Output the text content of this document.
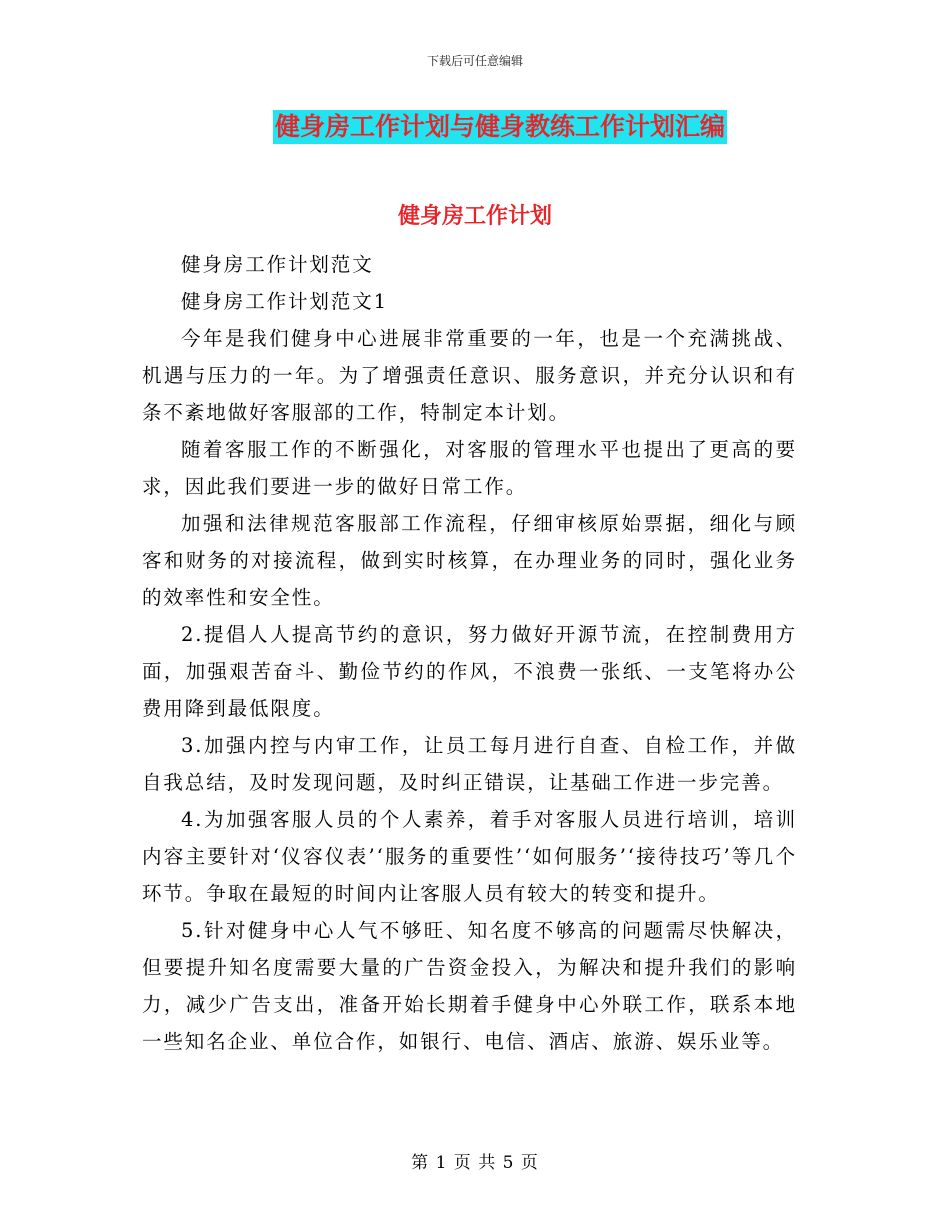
下载后可任意编辑
健身房工作计划与健身教练工作计划汇编
健身房工作计划

健身房工作计划范文

健身房工作计划范文1

今年是我们健身中心进展非常重要的一年，也是一个充满挑战、机遇与压力的一年。为了增强责任意识、服务意识，并充分认识和有条不紊地做好客服部的工作，特制定本计划。

随着客服工作的不断强化，对客服的管理水平也提出了更高的要求，因此我们要进一步的做好日常工作。

加强和法律规范客服部工作流程，仔细审核原始票据，细化与顾客和财务的对接流程，做到实时核算，在办理业务的同时，强化业务的效率性和安全性。

2.提倡人人提高节约的意识，努力做好开源节流，在控制费用方面，加强艰苦奋斗、勤俭节约的作风，不浪费一张纸、一支笔将办公费用降到最低限度。

3.加强内控与内审工作，让员工每月进行自查、自检工作，并做自我总结，及时发现问题，及时纠正错误，让基础工作进一步完善。

4.为加强客服人员的个人素养，着手对客服人员进行培训，培训内容主要针对‘仪容仪表’‘服务的重要性’‘如何服务’‘接待技巧’等几个环节。争取在最短的时间内让客服人员有较大的转变和提升。

5.针对健身中心人气不够旺、知名度不够高的问题需尽快解决，但要提升知名度需要大量的广告资金投入，为解决和提升我们的影响力，减少广告支出，准备开始长期着手健身中心外联工作，联系本地一些知名企业、单位合作，如银行、电信、酒店、旅游、娱乐业等。

第 1 页 共 5 页
